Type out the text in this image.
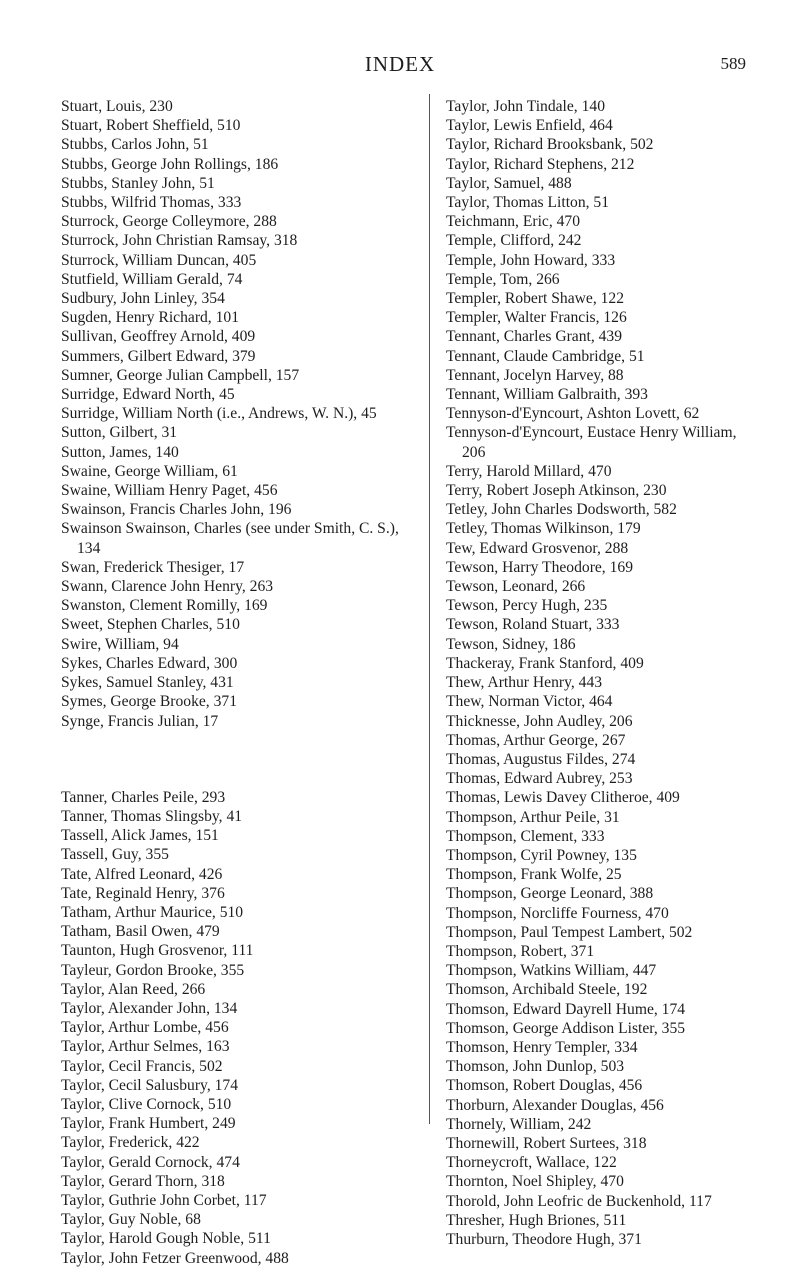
INDEX	589
Stuart, Louis, 230
Stuart, Robert Sheffield, 510
Stubbs, Carlos John, 51
Stubbs, George John Rollings, 186
Stubbs, Stanley John, 51
Stubbs, Wilfrid Thomas, 333
Sturrock, George Colleymore, 288
Sturrock, John Christian Ramsay, 318
Sturrock, William Duncan, 405
Stutfield, William Gerald, 74
Sudbury, John Linley, 354
Sugden, Henry Richard, 101
Sullivan, Geoffrey Arnold, 409
Summers, Gilbert Edward, 379
Sumner, George Julian Campbell, 157
Surridge, Edward North, 45
Surridge, William North (i.e., Andrews, W. N.), 45
Sutton, Gilbert, 31
Sutton, James, 140
Swaine, George William, 61
Swaine, William Henry Paget, 456
Swainson, Francis Charles John, 196
Swainson Swainson, Charles (see under Smith, C. S.), 134
Swan, Frederick Thesiger, 17
Swann, Clarence John Henry, 263
Swanston, Clement Romilly, 169
Sweet, Stephen Charles, 510
Swire, William, 94
Sykes, Charles Edward, 300
Sykes, Samuel Stanley, 431
Symes, George Brooke, 371
Synge, Francis Julian, 17
Tanner, Charles Peile, 293
Tanner, Thomas Slingsby, 41
Tassell, Alick James, 151
Tassell, Guy, 355
Tate, Alfred Leonard, 426
Tate, Reginald Henry, 376
Tatham, Arthur Maurice, 510
Tatham, Basil Owen, 479
Taunton, Hugh Grosvenor, 111
Tayleur, Gordon Brooke, 355
Taylor, Alan Reed, 266
Taylor, Alexander John, 134
Taylor, Arthur Lombe, 456
Taylor, Arthur Selmes, 163
Taylor, Cecil Francis, 502
Taylor, Cecil Salusbury, 174
Taylor, Clive Cornock, 510
Taylor, Frank Humbert, 249
Taylor, Frederick, 422
Taylor, Gerald Cornock, 474
Taylor, Gerard Thorn, 318
Taylor, Guthrie John Corbet, 117
Taylor, Guy Noble, 68
Taylor, Harold Gough Noble, 511
Taylor, John Fetzer Greenwood, 488
Taylor, John Tindale, 140
Taylor, Lewis Enfield, 464
Taylor, Richard Brooksbank, 502
Taylor, Richard Stephens, 212
Taylor, Samuel, 488
Taylor, Thomas Litton, 51
Teichmann, Eric, 470
Temple, Clifford, 242
Temple, John Howard, 333
Temple, Tom, 266
Templer, Robert Shawe, 122
Templer, Walter Francis, 126
Tennant, Charles Grant, 439
Tennant, Claude Cambridge, 51
Tennant, Jocelyn Harvey, 88
Tennant, William Galbraith, 393
Tennyson-d'Eyncourt, Ashton Lovett, 62
Tennyson-d'Eyncourt, Eustace Henry William, 206
Terry, Harold Millard, 470
Terry, Robert Joseph Atkinson, 230
Tetley, John Charles Dodsworth, 582
Tetley, Thomas Wilkinson, 179
Tew, Edward Grosvenor, 288
Tewson, Harry Theodore, 169
Tewson, Leonard, 266
Tewson, Percy Hugh, 235
Tewson, Roland Stuart, 333
Tewson, Sidney, 186
Thackeray, Frank Stanford, 409
Thew, Arthur Henry, 443
Thew, Norman Victor, 464
Thicknesse, John Audley, 206
Thomas, Arthur George, 267
Thomas, Augustus Fildes, 274
Thomas, Edward Aubrey, 253
Thomas, Lewis Davey Clitheroe, 409
Thompson, Arthur Peile, 31
Thompson, Clement, 333
Thompson, Cyril Powney, 135
Thompson, Frank Wolfe, 25
Thompson, George Leonard, 388
Thompson, Norcliffe Fourness, 470
Thompson, Paul Tempest Lambert, 502
Thompson, Robert, 371
Thompson, Watkins William, 447
Thomson, Archibald Steele, 192
Thomson, Edward Dayrell Hume, 174
Thomson, George Addison Lister, 355
Thomson, Henry Templer, 334
Thomson, John Dunlop, 503
Thomson, Robert Douglas, 456
Thorburn, Alexander Douglas, 456
Thornely, William, 242
Thornewill, Robert Surtees, 318
Thorneycroft, Wallace, 122
Thornton, Noel Shipley, 470
Thorold, John Leofric de Buckenhold, 117
Thresher, Hugh Briones, 511
Thurburn, Theodore Hugh, 371
